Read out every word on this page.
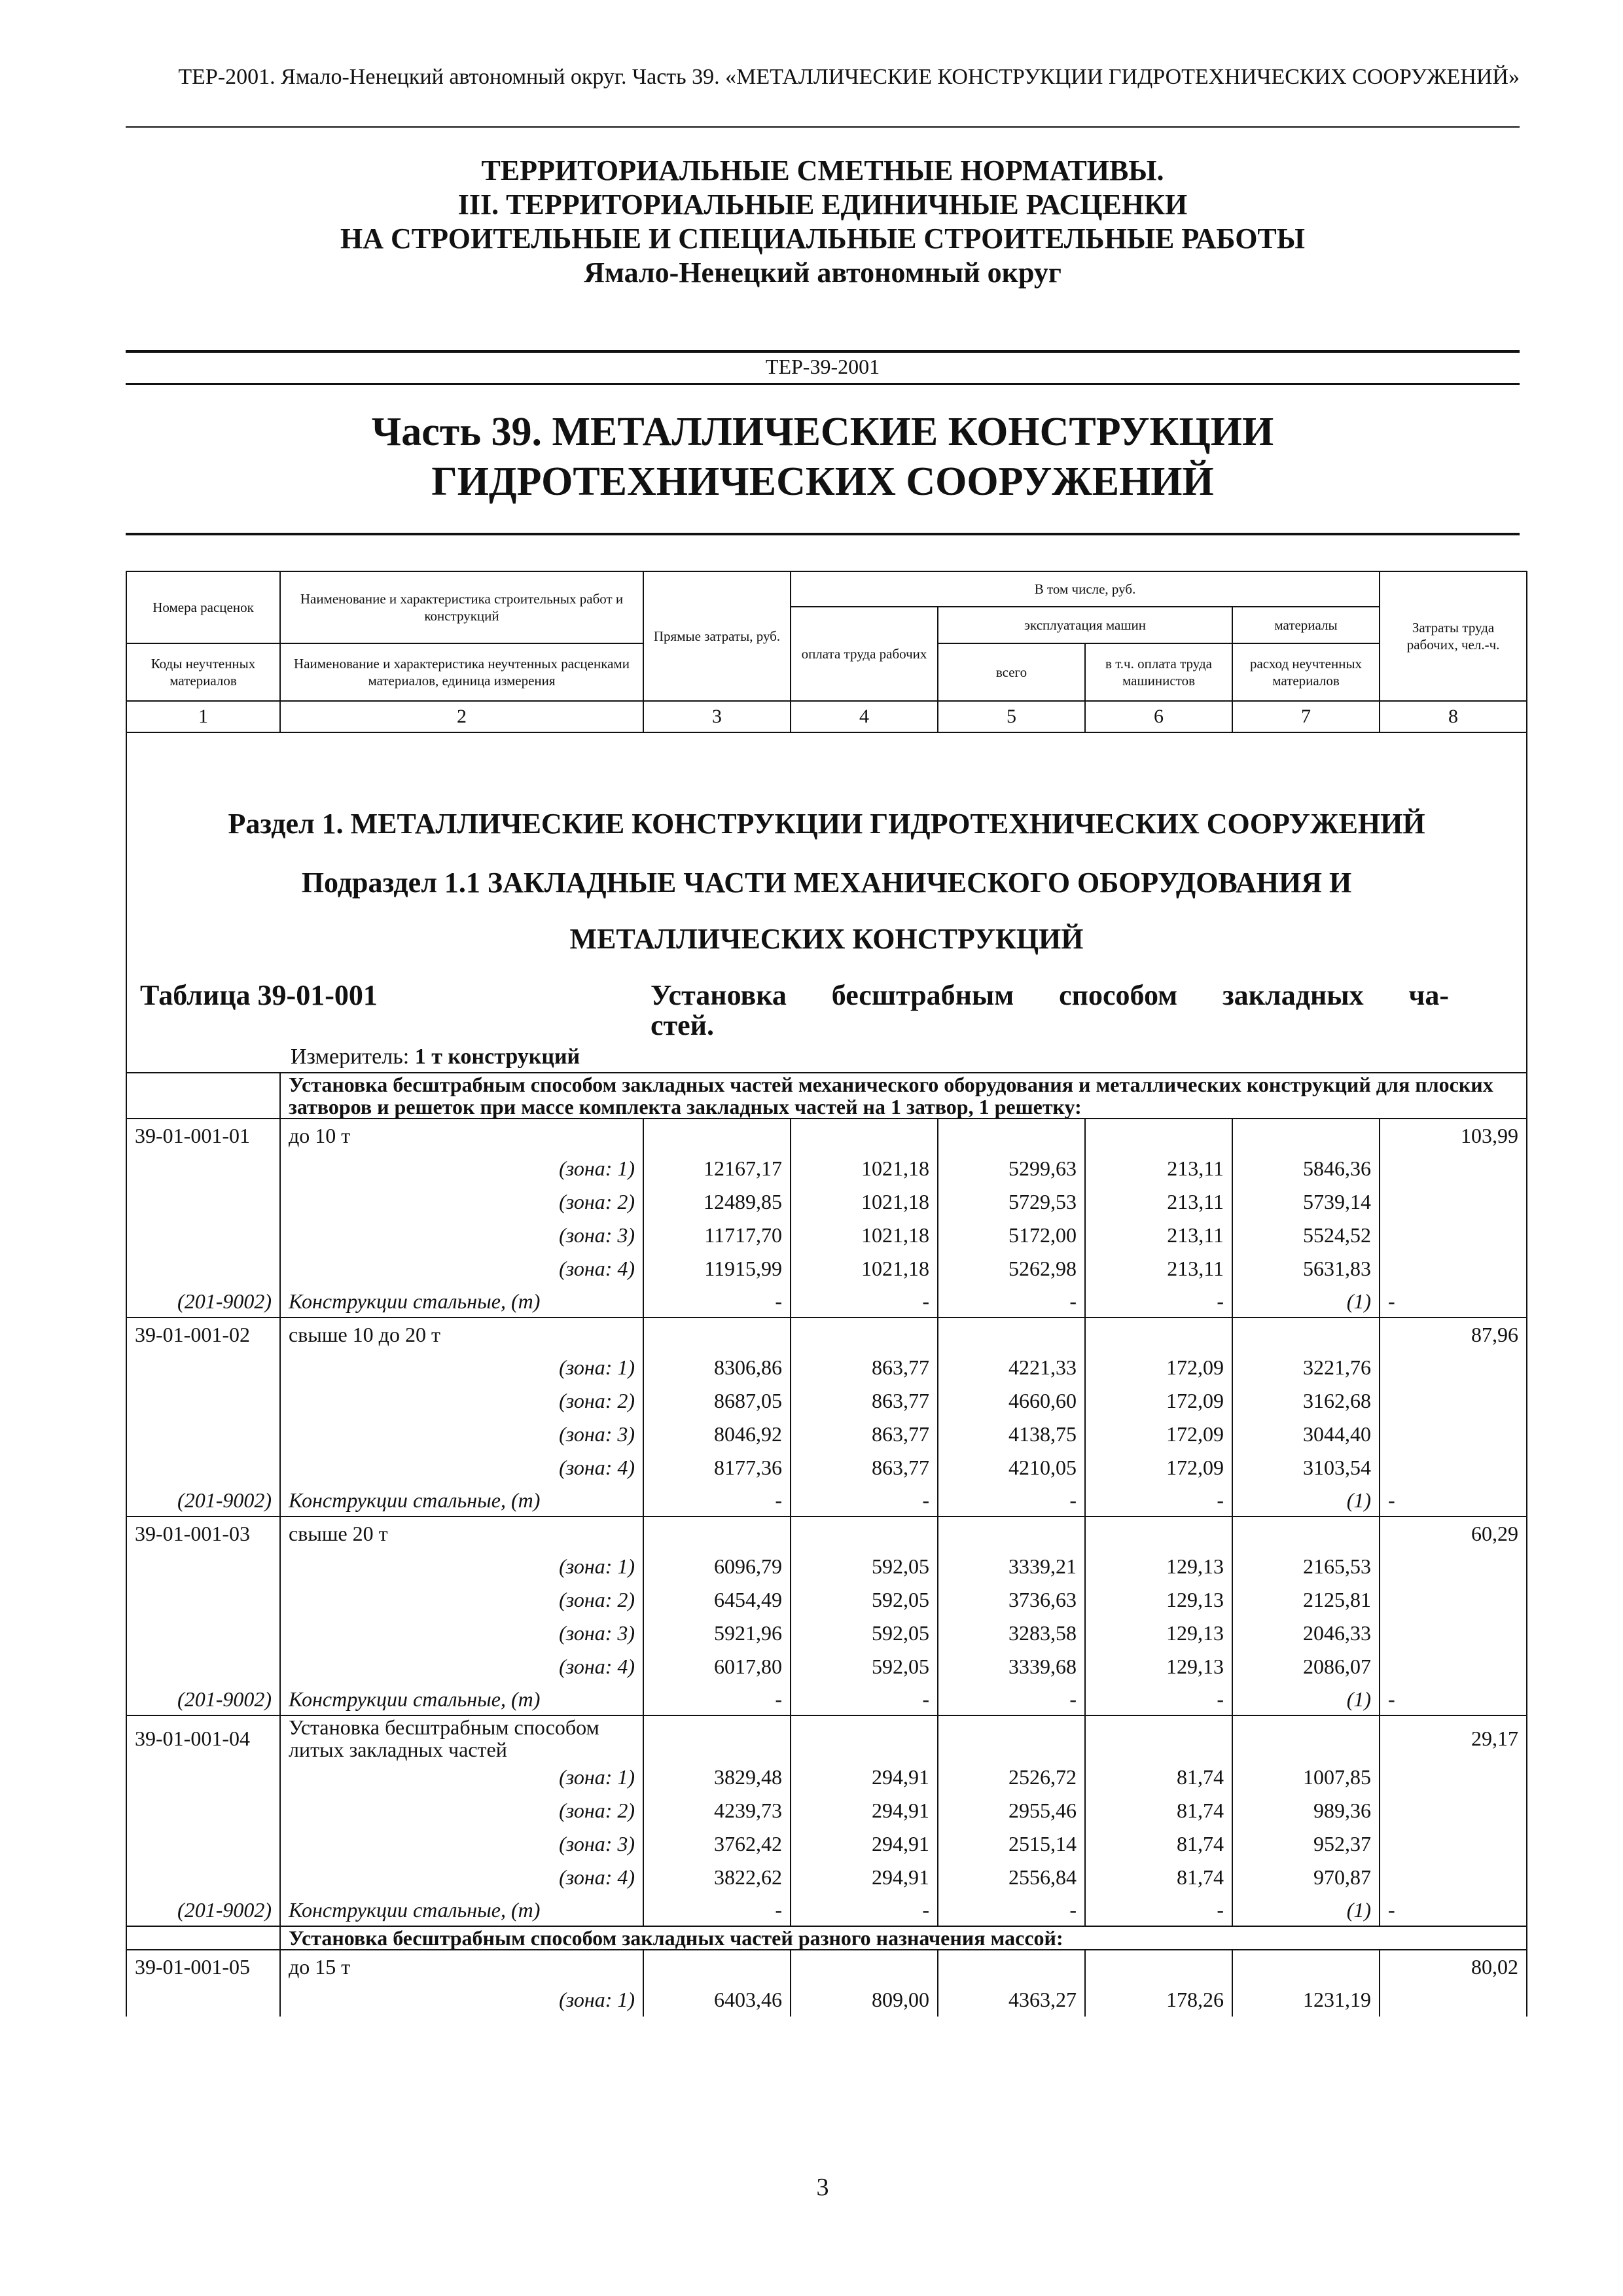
ТЕР-2001. Ямало-Ненецкий автономный округ. Часть 39. «МЕТАЛЛИЧЕСКИЕ КОНСТРУКЦИИ ГИДРОТЕХНИЧЕСКИХ СООРУЖЕНИЙ»
ТЕРРИТОРИАЛЬНЫЕ СМЕТНЫЕ НОРМАТИВЫ.
III. ТЕРРИТОРИАЛЬНЫЕ ЕДИНИЧНЫЕ РАСЦЕНКИ
НА СТРОИТЕЛЬНЫЕ И СПЕЦИАЛЬНЫЕ СТРОИТЕЛЬНЫЕ РАБОТЫ
Ямало-Ненецкий автономный округ
ТЕР-39-2001
Часть 39. МЕТАЛЛИЧЕСКИЕ КОНСТРУКЦИИ
ГИДРОТЕХНИЧЕСКИХ СООРУЖЕНИЙ
Номера расценок	Наименование и характеристика строительных работ и конструкций	Прямые затраты, руб.	В том числе, руб.				Затраты труда рабочих, чел.-ч.
			оплата труда рабочих	эксплуатация машин		материалы	
Коды неучтенных материалов	Наименование и характеристика неучтенных расценками материалов, единица измерения			всего	в т.ч. оплата труда машинистов	расход неучтенных материалов	
1	2	3	4	5	6	7	8

Раздел 1. МЕТАЛЛИЧЕСКИЕ КОНСТРУКЦИИ ГИДРОТЕХНИЧЕСКИХ СООРУЖЕНИЙ							

Подраздел 1.1 ЗАКЛАДНЫЕ ЧАСТИ МЕХАНИЧЕСКОГО ОБОРУДОВАНИЯ И
МЕТАЛЛИЧЕСКИХ КОНСТРУКЦИЙ							

Таблица 39-01-001 Установка бесштрабным способом закладных ча-
стей.
Измеритель: 1 т конструкций							

	Установка бесштрабным способом закладных частей механического оборудования и металлических конструкций для плоских затворов и решеток при массе комплекта закладных частей на 1 затвор, 1 решетку:						
39-01-001-01	до 10 т						103,99
	(зона: 1)	12167,17	1021,18	5299,63	213,11	5846,36	
	(зона: 2)	12489,85	1021,18	5729,53	213,11	5739,14	
	(зона: 3)	11717,70	1021,18	5172,00	213,11	5524,52	
	(зона: 4)	11915,99	1021,18	5262,98	213,11	5631,83	
(201-9002)	Конструкции стальные, (т)	-	-	-	-	(1)	-
39-01-001-02	свыше 10 до 20 т						87,96
	(зона: 1)	8306,86	863,77	4221,33	172,09	3221,76	
	(зона: 2)	8687,05	863,77	4660,60	172,09	3162,68	
	(зона: 3)	8046,92	863,77	4138,75	172,09	3044,40	
	(зона: 4)	8177,36	863,77	4210,05	172,09	3103,54	
(201-9002)	Конструкции стальные, (т)	-	-	-	-	(1)	-
39-01-001-03	свыше 20 т						60,29
	(зона: 1)	6096,79	592,05	3339,21	129,13	2165,53	
	(зона: 2)	6454,49	592,05	3736,63	129,13	2125,81	
	(зона: 3)	5921,96	592,05	3283,58	129,13	2046,33	
	(зона: 4)	6017,80	592,05	3339,68	129,13	2086,07	
(201-9002)	Конструкции стальные, (т)	-	-	-	-	(1)	-
39-01-001-04	Установка бесштрабным способом литых закладных частей						29,17
	(зона: 1)	3829,48	294,91	2526,72	81,74	1007,85	
	(зона: 2)	4239,73	294,91	2955,46	81,74	989,36	
	(зона: 3)	3762,42	294,91	2515,14	81,74	952,37	
	(зона: 4)	3822,62	294,91	2556,84	81,74	970,87	
(201-9002)	Конструкции стальные, (т)	-	-	-	-	(1)	-
	Установка бесштрабным способом закладных частей разного назначения массой:						
39-01-001-05	до 15 т						80,02
	(зона: 1)	6403,46	809,00	4363,27	178,26	1231,19	
3
